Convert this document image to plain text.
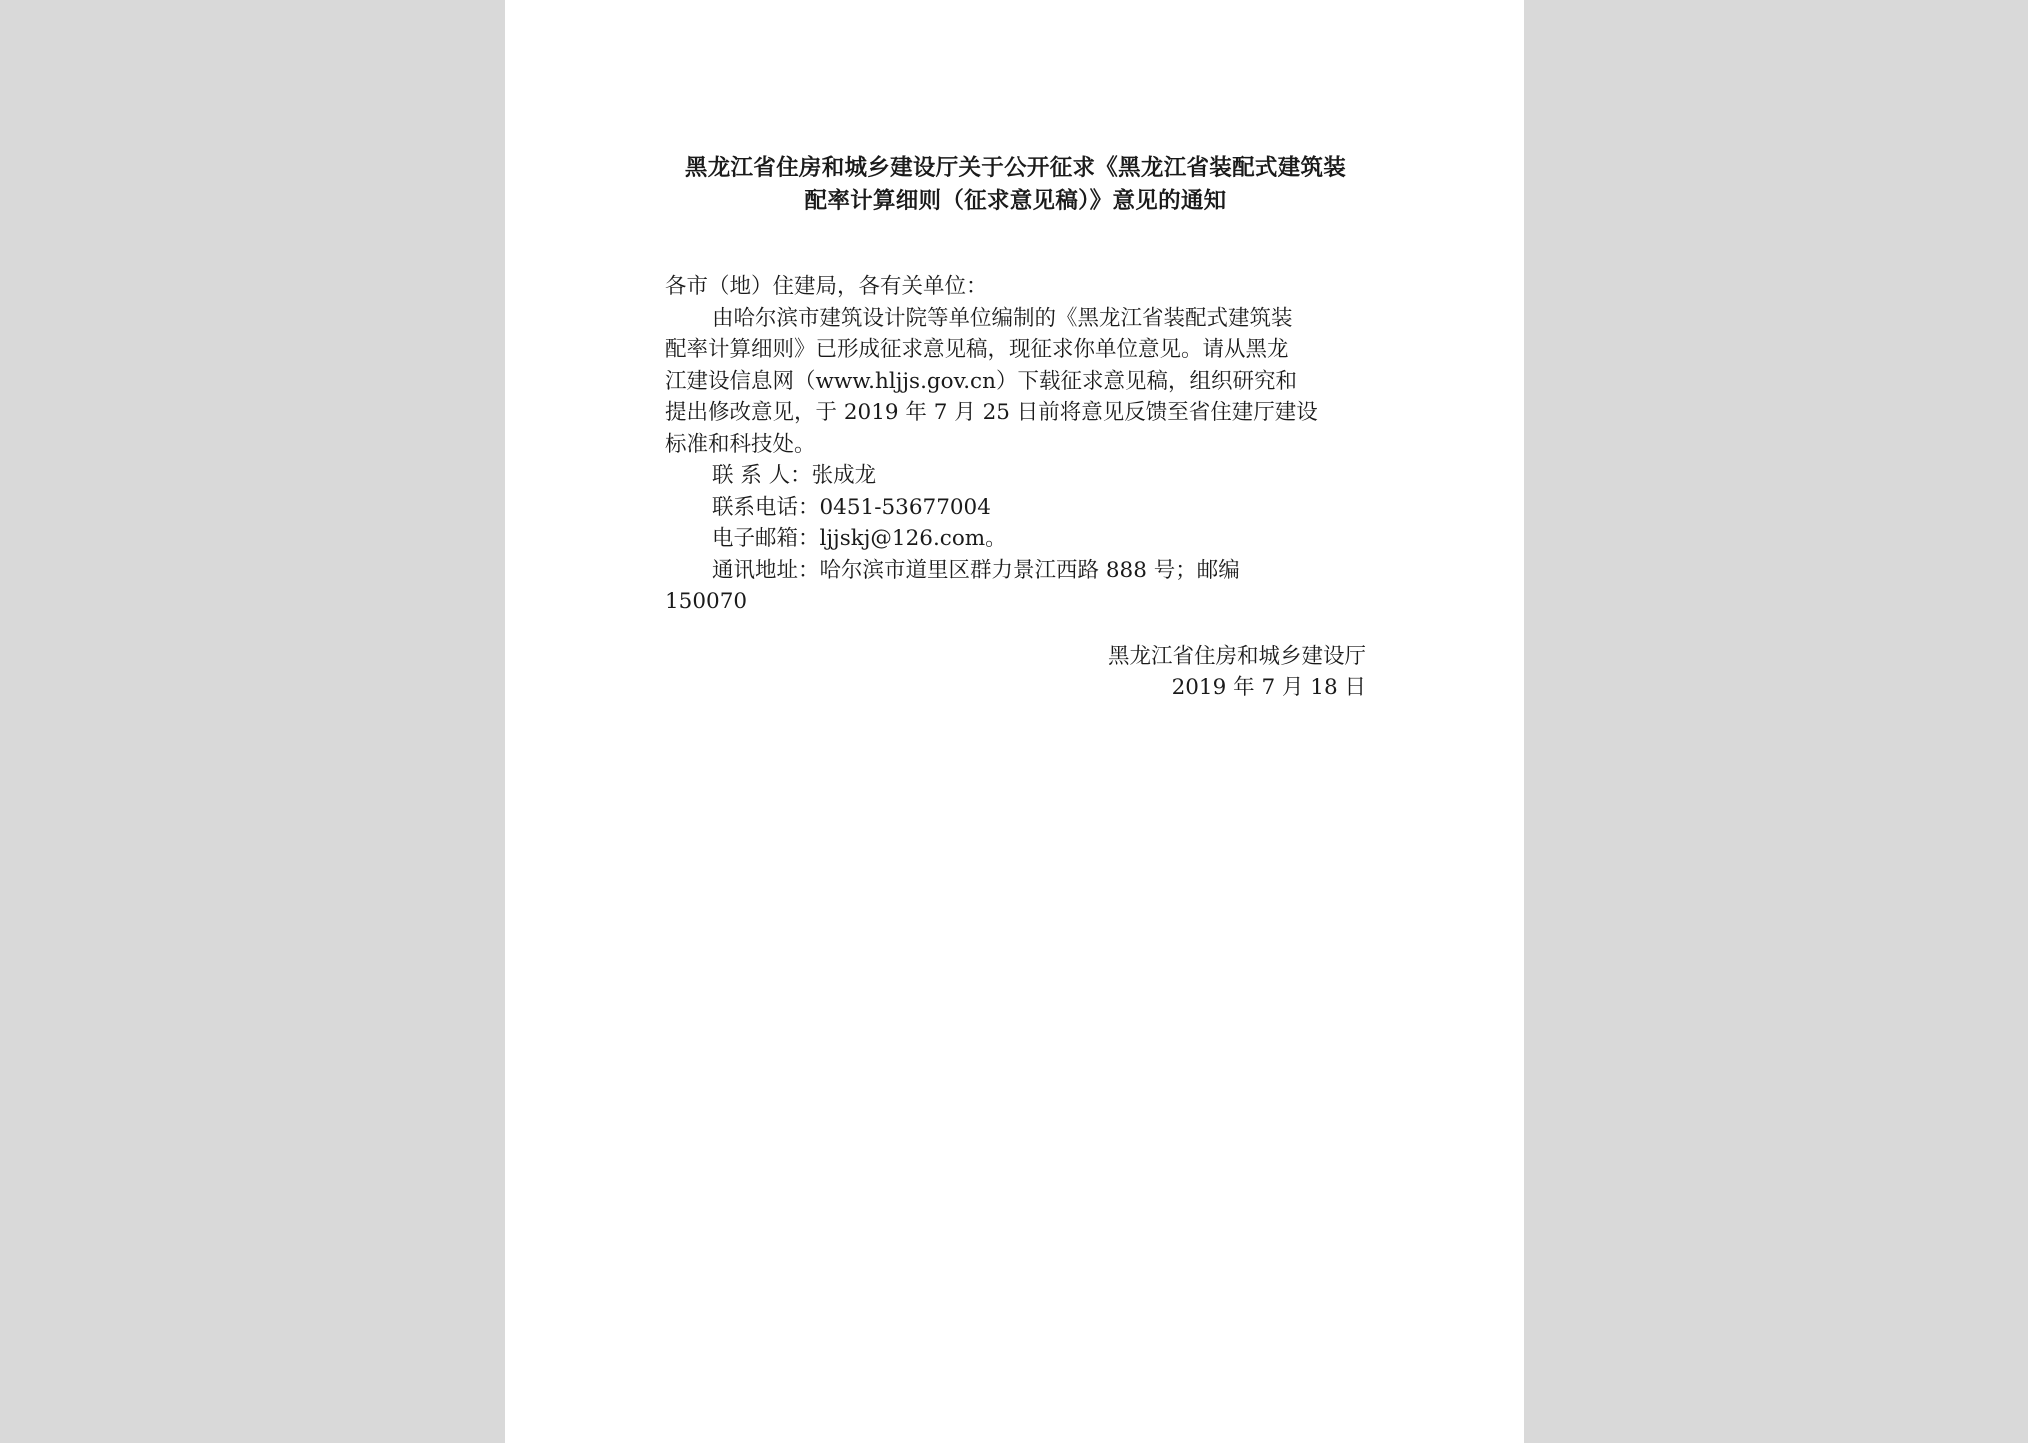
黑龙江省住房和城乡建设厅关于公开征求《黑龙江省装配式建筑装
配率计算细则（征求意见稿）》意见的通知
各市（地）住建局，各有关单位：
由哈尔滨市建筑设计院等单位编制的《黑龙江省装配式建筑装
配率计算细则》已形成征求意见稿，现征求你单位意见。请从黑龙
江建设信息网（www.hljjs.gov.cn）下载征求意见稿，组织研究和
提出修改意见，于 2019 年 7 月 25 日前将意见反馈至省住建厅建设
标准和科技处。
联 系 人：张成龙
联系电话：0451-53677004
电子邮箱：ljjskj@126.com。
通讯地址：哈尔滨市道里区群力景江西路 888 号；邮编
150070
黑龙江省住房和城乡建设厅
2019 年 7 月 18 日
